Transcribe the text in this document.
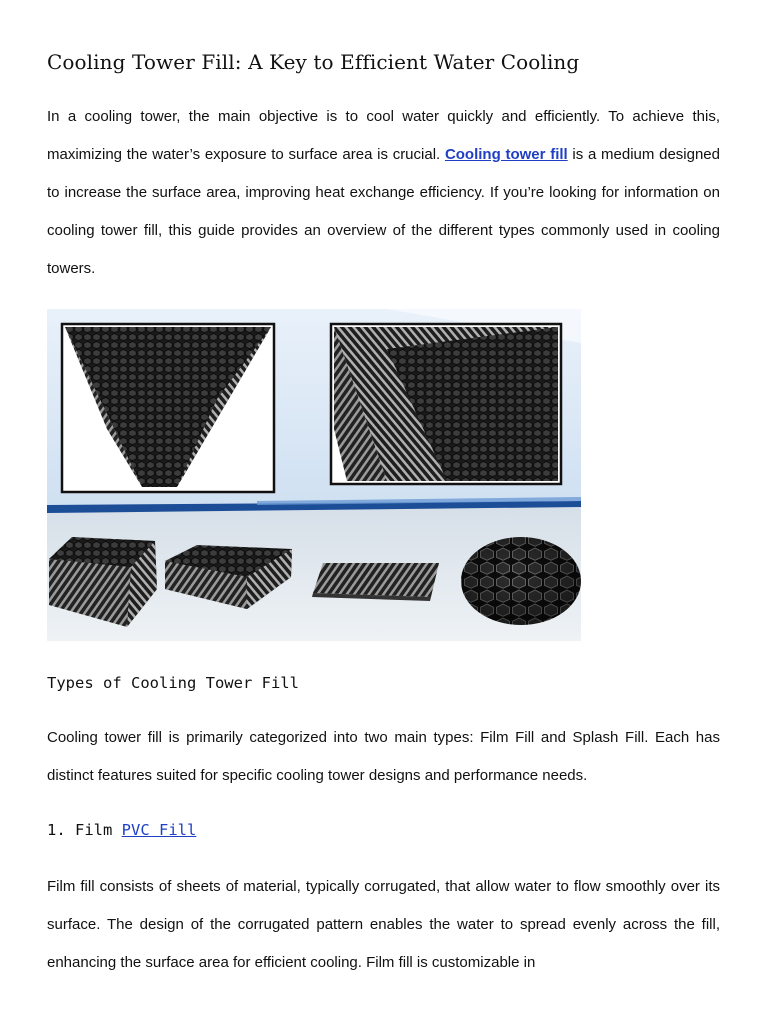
Cooling Tower Fill: A Key to Efficient Water Cooling

In a cooling tower, the main objective is to cool water quickly and efficiently. To achieve this, maximizing the water’s exposure to surface area is crucial. Cooling tower fill is a medium designed to increase the surface area, improving heat exchange efficiency. If you’re looking for information on cooling tower fill, this guide provides an overview of the different types commonly used in cooling towers.

Types of Cooling Tower Fill

Cooling tower fill is primarily categorized into two main types: Film Fill and Splash Fill. Each has distinct features suited for specific cooling tower designs and performance needs.

1. Film PVC Fill

Film fill consists of sheets of material, typically corrugated, that allow water to flow smoothly over its surface. The design of the corrugated pattern enables the water to spread evenly across the fill, enhancing the surface area for efficient cooling. Film fill is customizable in
